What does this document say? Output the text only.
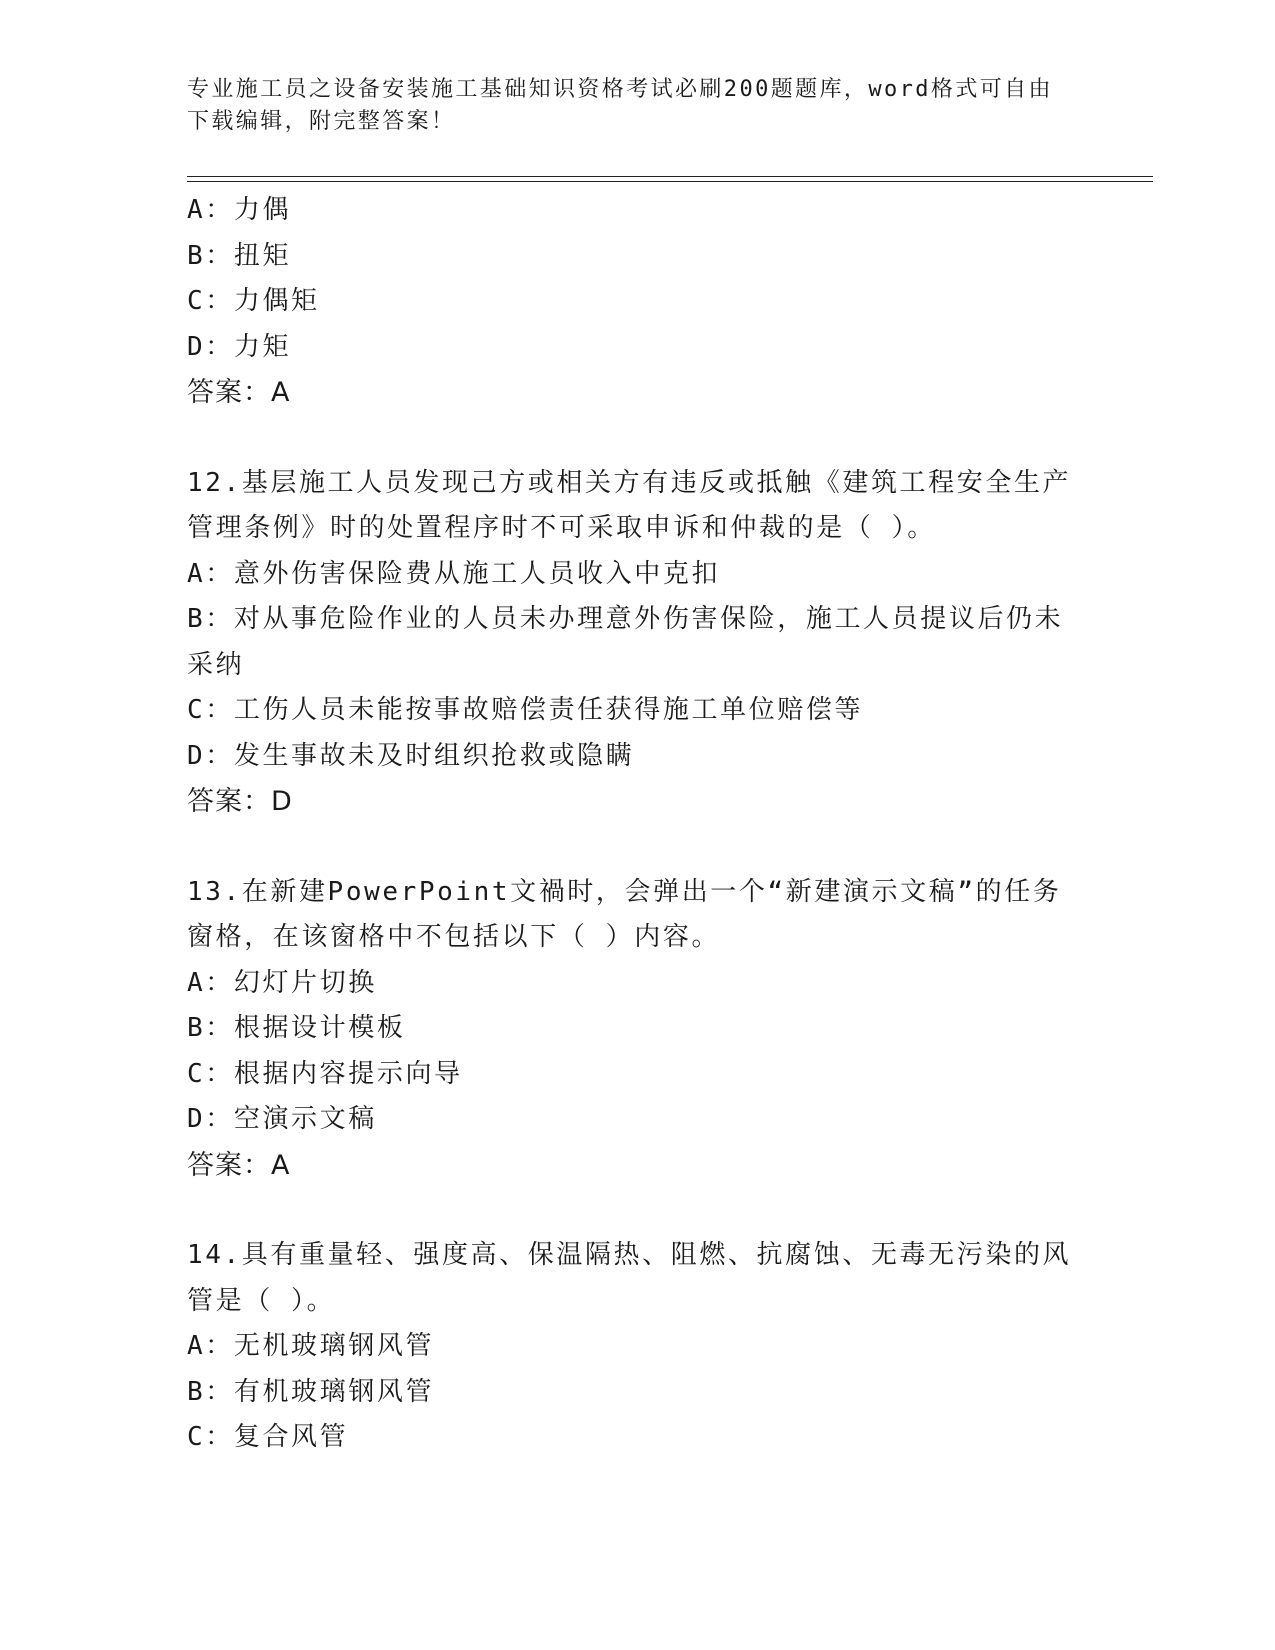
专业施工员之设备安装施工基础知识资格考试必刷200题题库，word格式可自由
下载编辑，附完整答案！
A：力偶
B：扭矩
C：力偶矩
D：力矩
答案：A
12.基层施工人员发现己方或相关方有违反或抵触《建筑工程安全生产
管理条例》时的处置程序时不可采取申诉和仲裁的是（ ）。
A：意外伤害保险费从施工人员收入中克扣
B：对从事危险作业的人员未办理意外伤害保险，施工人员提议后仍未
采纳
C：工伤人员未能按事故赔偿责任获得施工单位赔偿等
D：发生事故未及时组织抢救或隐瞒
答案：D
13.在新建PowerPoint文禍时，会弹出一个“新建演示文稿”的任务
窗格，在该窗格中不包括以下（ ）内容。
A：幻灯片切换
B：根据设计模板
C：根据内容提示向导
D：空演示文稿
答案：A
14.具有重量轻、强度高、保温隔热、阻燃、抗腐蚀、无毒无污染的风
管是（ ）。
A：无机玻璃钢风管
B：有机玻璃钢风管
C：复合风管
